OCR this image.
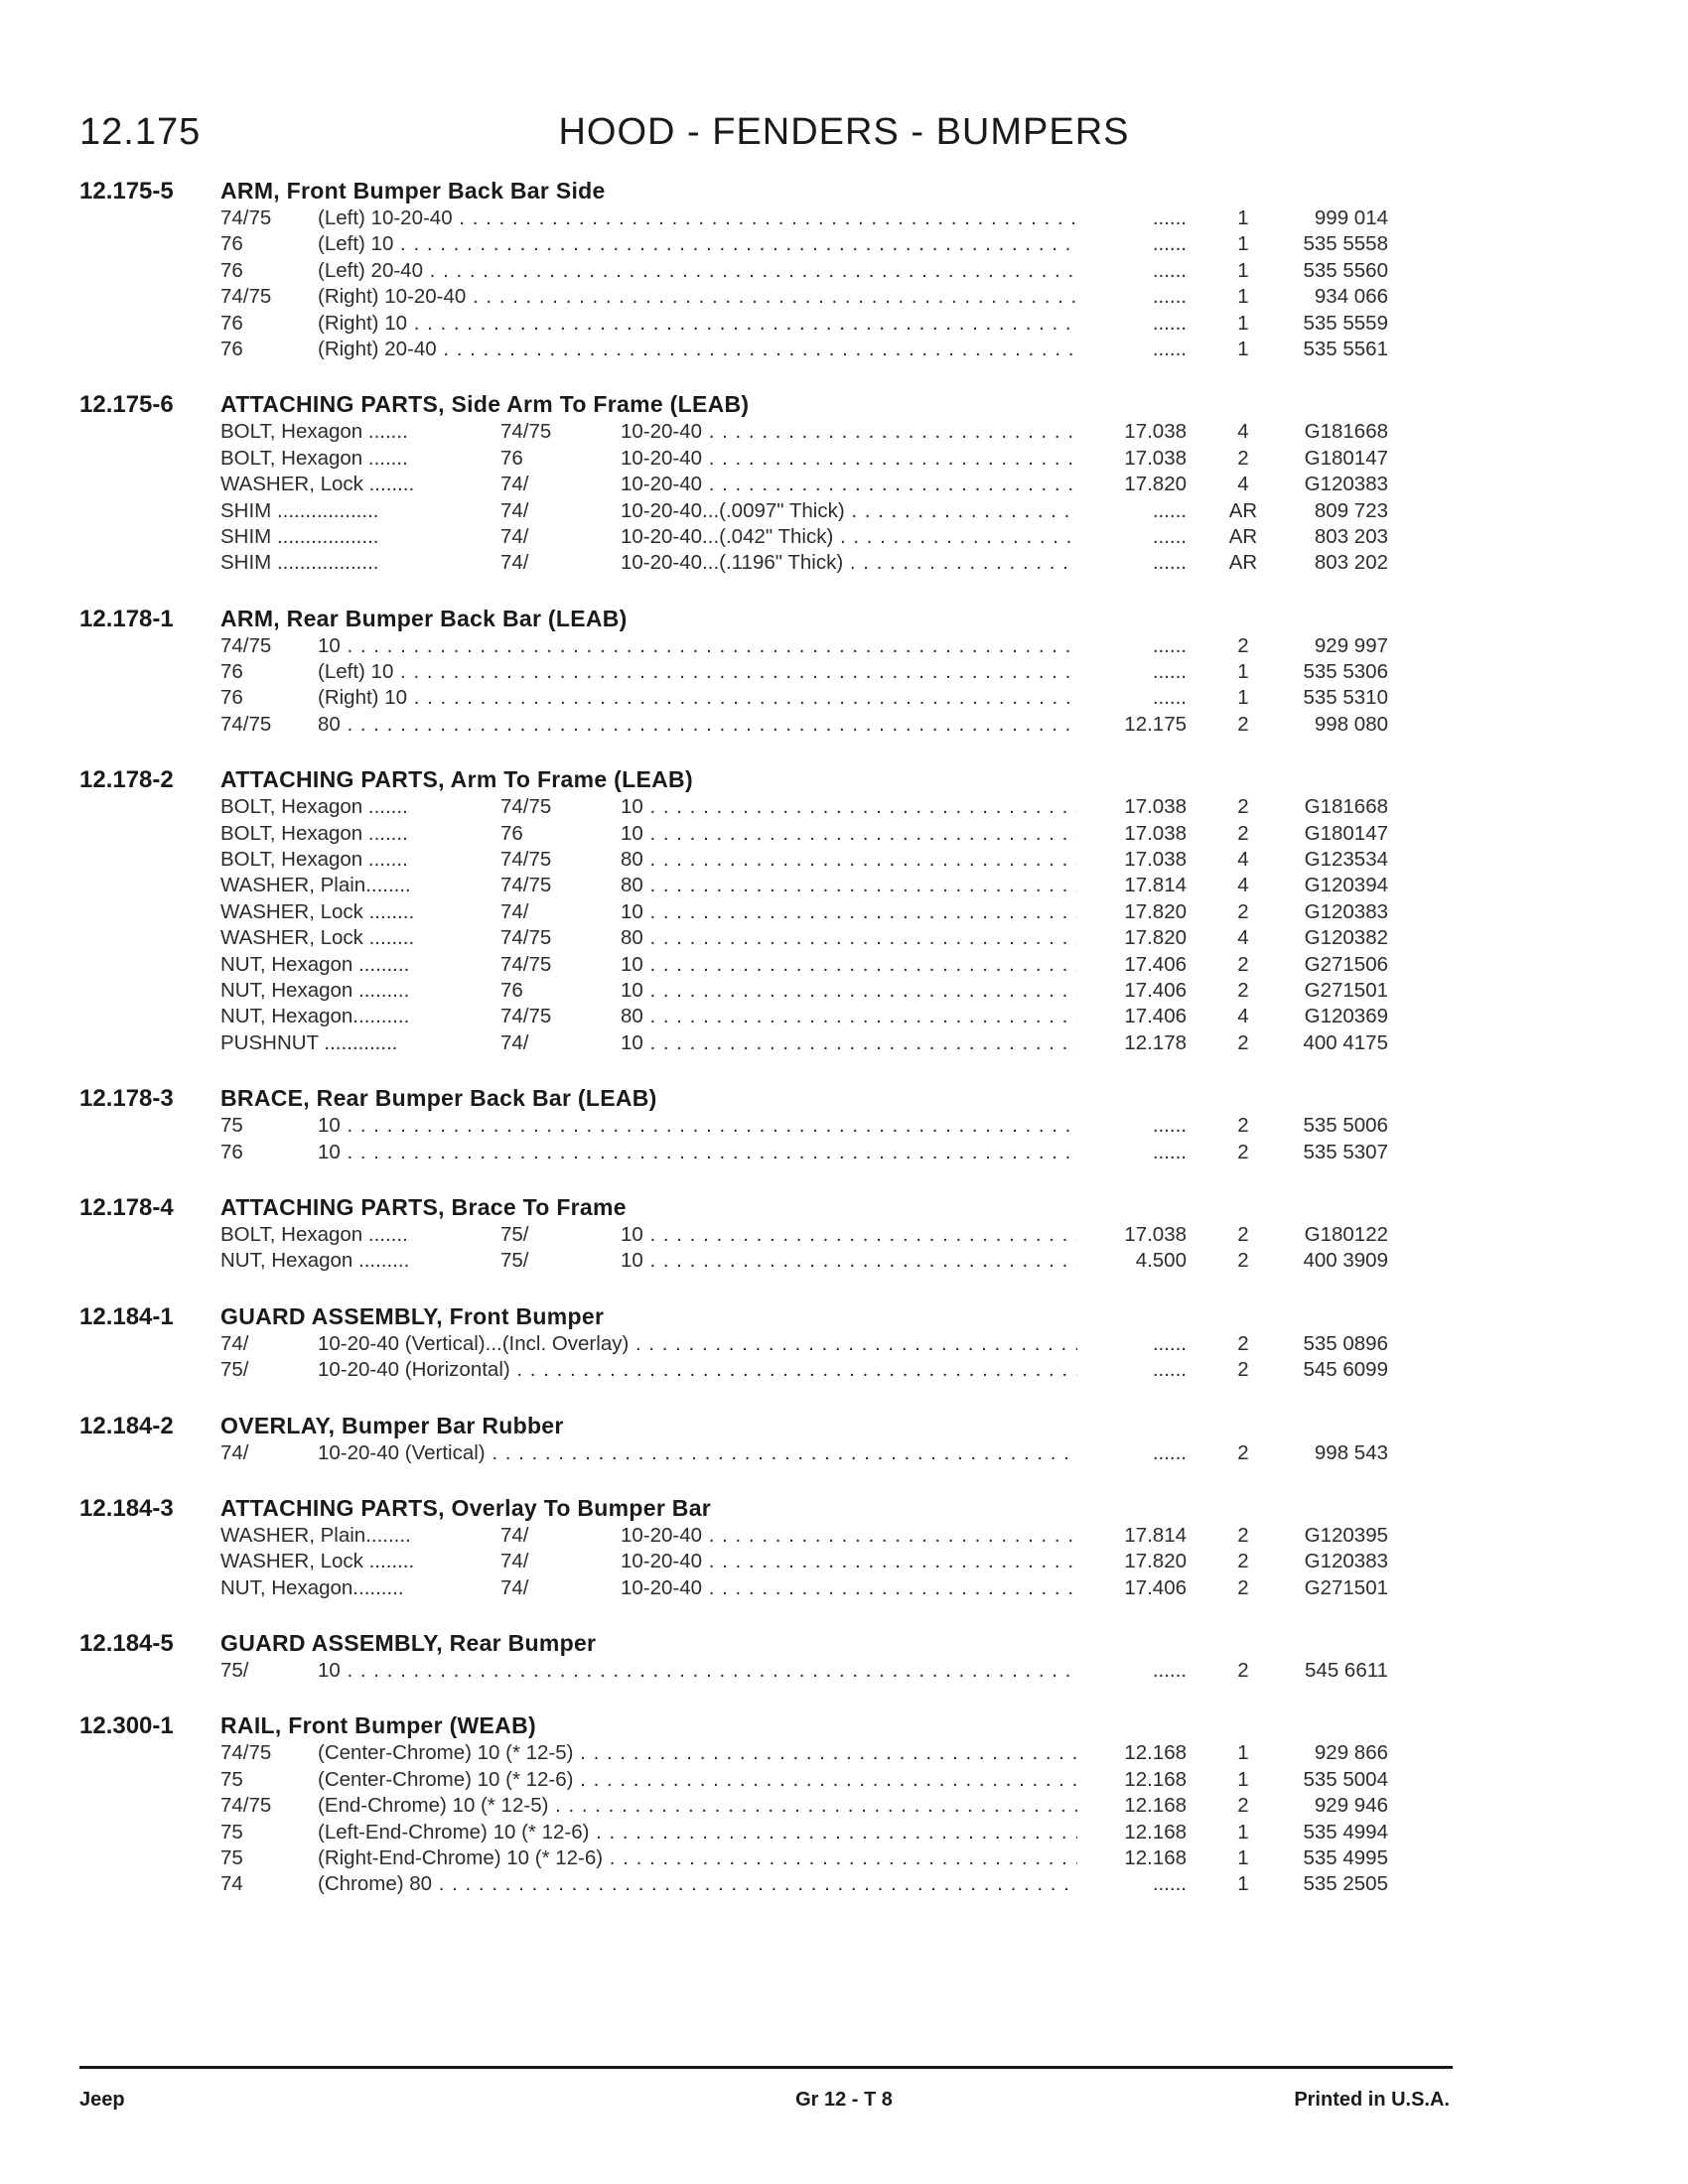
12.175	HOOD - FENDERS - BUMPERS
12.175-5 ARM, Front Bumper Back Bar Side
74/75 (Left) 10-20-40 . . .	......	1	999 014
76	(Left) 10 . . .	......	1	535 5558
76	(Left) 20-40 . . .	......	1	535 5560
74/75 (Right) 10-20-40 . . .	......	1	934 066
76	(Right) 10 . . .	......	1	535 5559
76	(Right) 20-40 . . .	......	1	535 5561
12.175-6 ATTACHING PARTS, Side Arm To Frame (LEAB)
BOLT, Hexagon .......	74/75	10-20-40 . . .	17.038	4	G181668
BOLT, Hexagon .......	76	10-20-40 . . .	17.038	2	G180147
WASHER, Lock ........	74/	10-20-40 . . .	17.820	4	G120383
SHIM ..................	74/	10-20-40...(.0097" Thick) . . .	......	AR	809 723
SHIM ..................	74/	10-20-40...(.042" Thick) . . .	......	AR	803 203
SHIM ..................	74/	10-20-40...(.1196" Thick) . . .	......	AR	803 202
12.178-1 ARM, Rear Bumper Back Bar (LEAB)
74/75 10 . . .	......	2	929 997
76	(Left) 10 . . .	......	1	535 5306
76	(Right) 10 . . .	......	1	535 5310
74/75 80 . . .	12.175	2	998 080
12.178-2 ATTACHING PARTS, Arm To Frame (LEAB)
BOLT, Hexagon .......	74/75	10 . . .	17.038	2	G181668
BOLT, Hexagon .......	76	10 . . .	17.038	2	G180147
BOLT, Hexagon .......	74/75	80 . . .	17.038	4	G123534
WASHER, Plain........	74/75	80 . . .	17.814	4	G120394
WASHER, Lock ........	74/	10 . . .	17.820	2	G120383
WASHER, Lock ........	74/75	80 . . .	17.820	4	G120382
NUT, Hexagon .........	74/75	10 . . .	17.406	2	G271506
NUT, Hexagon .........	76	10 . . .	17.406	2	G271501
NUT, Hexagon..........	74/75	80 . . .	17.406	4	G120369
PUSHNUT .............	74/	10 . . .	12.178	2	400 4175
12.178-3 BRACE, Rear Bumper Back Bar (LEAB)
75	10 . . .	......	2	535 5006
76	10 . . .	......	2	535 5307
12.178-4 ATTACHING PARTS, Brace To Frame
BOLT, Hexagon .......	75/	10 . . .	17.038	2	G180122
NUT, Hexagon .........	75/	10 . . .	4.500	2	400 3909
12.184-1 GUARD ASSEMBLY, Front Bumper
74/	10-20-40 (Vertical)...(Incl. Overlay) . . .	......	2	535 0896
75/	10-20-40 (Horizontal) . . .	......	2	545 6099
12.184-2 OVERLAY, Bumper Bar Rubber
74/	10-20-40 (Vertical) . . .	......	2	998 543
12.184-3 ATTACHING PARTS, Overlay To Bumper Bar
WASHER, Plain........	74/	10-20-40 . . .	17.814	2	G120395
WASHER, Lock ........	74/	10-20-40 . . .	17.820	2	G120383
NUT, Hexagon.........	74/	10-20-40 . . .	17.406	2	G271501
12.184-5 GUARD ASSEMBLY, Rear Bumper
75/	10 . . .	......	2	545 6611
12.300-1 RAIL, Front Bumper (WEAB)
74/75 (Center-Chrome) 10 (* 12-5) . . .	12.168	1	929 866
75	(Center-Chrome) 10 (* 12-6) . . .	12.168	1	535 5004
74/75 (End-Chrome) 10 (* 12-5) . . .	12.168	2	929 946
75	(Left-End-Chrome) 10 (* 12-6) . . .	12.168	1	535 4994
75	(Right-End-Chrome) 10 (* 12-6) . . .	12.168	1	535 4995
74	(Chrome) 80 . . .	......	1	535 2505
Jeep	Gr 12 - T 8	Printed in U.S.A.
